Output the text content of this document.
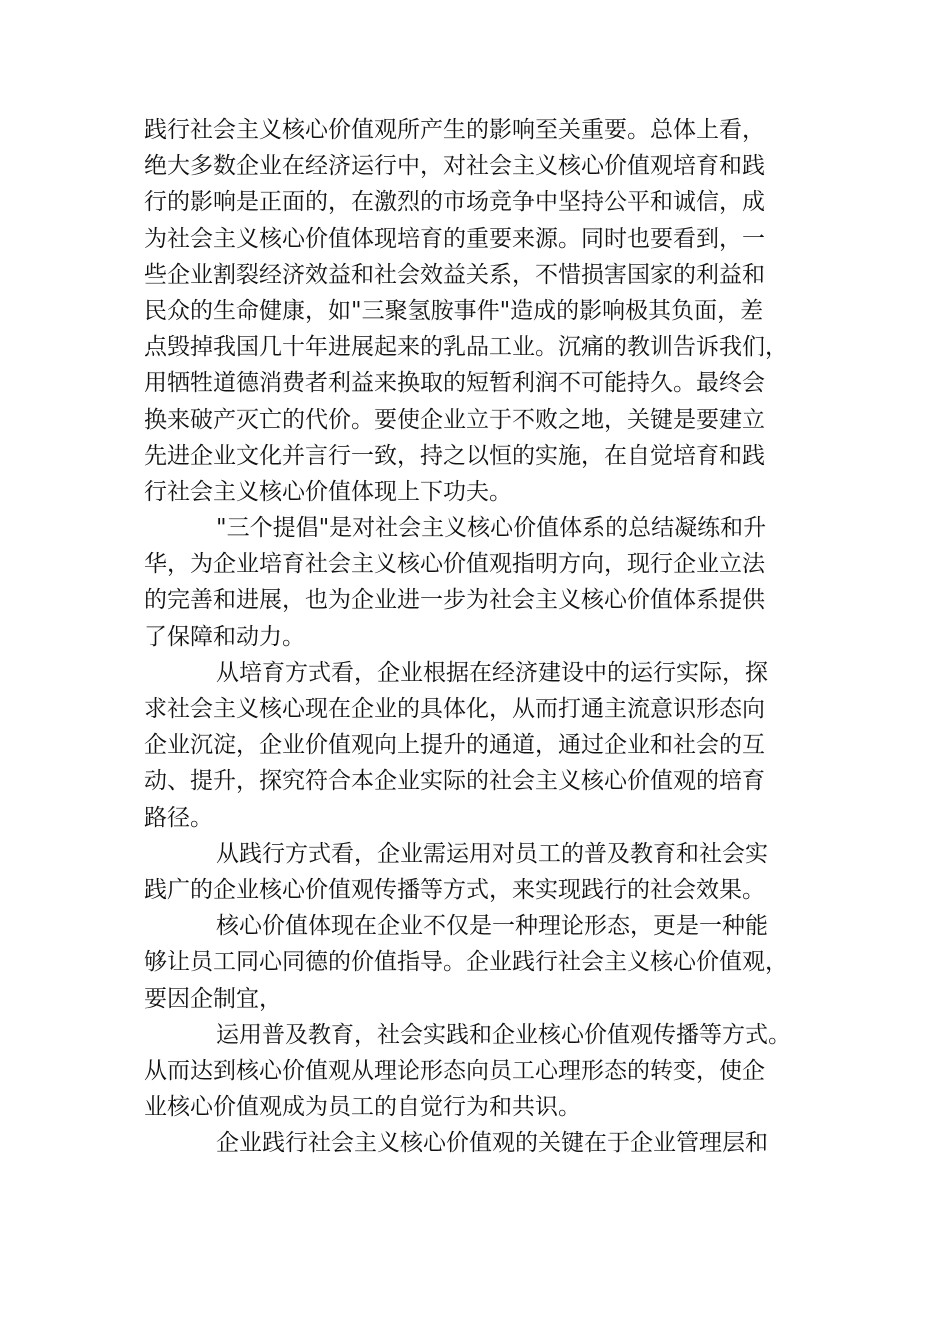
践行社会主义核心价值观所产生的影响至关重要。总体上看，
绝大多数企业在经济运行中，对社会主义核心价值观培育和践
行的影响是正面的，在激烈的市场竞争中坚持公平和诚信，成
为社会主义核心价值体现培育的重要来源。同时也要看到，一
些企业割裂经济效益和社会效益关系，不惜损害国家的利益和
民众的生命健康，如"三聚氢胺事件"造成的影响极其负面，差
点毁掉我国几十年进展起来的乳品工业。沉痛的教训告诉我们，
用牺牲道德消费者利益来换取的短暂利润不可能持久。最终会
换来破产灭亡的代价。要使企业立于不败之地，关键是要建立
先进企业文化并言行一致，持之以恒的实施，在自觉培育和践
行社会主义核心价值体现上下功夫。
"三个提倡"是对社会主义核心价值体系的总结凝练和升
华，为企业培育社会主义核心价值观指明方向，现行企业立法
的完善和进展，也为企业进一步为社会主义核心价值体系提供
了保障和动力。
从培育方式看，企业根据在经济建设中的运行实际，探
求社会主义核心现在企业的具体化，从而打通主流意识形态向
企业沉淀，企业价值观向上提升的通道，通过企业和社会的互
动、提升，探究符合本企业实际的社会主义核心价值观的培育
路径。
从践行方式看，企业需运用对员工的普及教育和社会实
践广的企业核心价值观传播等方式，来实现践行的社会效果。
核心价值体现在企业不仅是一种理论形态，更是一种能
够让员工同心同德的价值指导。企业践行社会主义核心价值观，
要因企制宜，
运用普及教育，社会实践和企业核心价值观传播等方式。
从而达到核心价值观从理论形态向员工心理形态的转变，使企
业核心价值观成为员工的自觉行为和共识。
企业践行社会主义核心价值观的关键在于企业管理层和
